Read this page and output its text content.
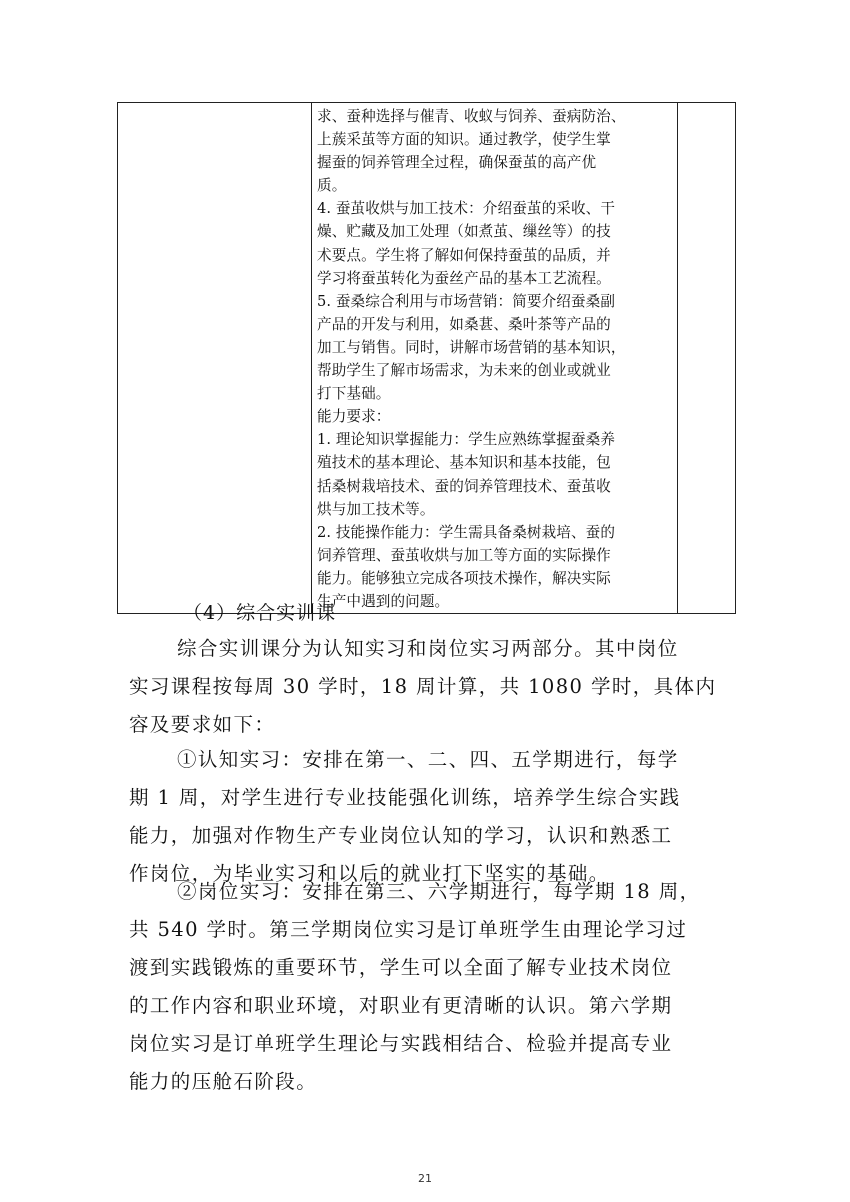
求、蚕种选择与催青、收蚁与饲养、蚕病防治、
上蔟采茧等方面的知识。通过教学，使学生掌
握蚕的饲养管理全过程，确保蚕茧的高产优
质。
4. 蚕茧收烘与加工技术：介绍蚕茧的采收、干
燥、贮藏及加工处理（如煮茧、缫丝等）的技
术要点。学生将了解如何保持蚕茧的品质，并
学习将蚕茧转化为蚕丝产品的基本工艺流程。
5. 蚕桑综合利用与市场营销：简要介绍蚕桑副
产品的开发与利用，如桑葚、桑叶茶等产品的
加工与销售。同时，讲解市场营销的基本知识，
帮助学生了解市场需求，为未来的创业或就业
打下基础。
能力要求：
1. 理论知识掌握能力：学生应熟练掌握蚕桑养
殖技术的基本理论、基本知识和基本技能，包
括桑树栽培技术、蚕的饲养管理技术、蚕茧收
烘与加工技术等。
2. 技能操作能力：学生需具备桑树栽培、蚕的
饲养管理、蚕茧收烘与加工等方面的实际操作
能力。能够独立完成各项技术操作，解决实际
生产中遇到的问题。

（4）综合实训课
综合实训课分为认知实习和岗位实习两部分。其中岗位
实习课程按每周 30 学时，18 周计算，共 1080 学时，具体内
容及要求如下：
①认知实习：安排在第一、二、四、五学期进行，每学
期 1 周，对学生进行专业技能强化训练，培养学生综合实践
能力，加强对作物生产专业岗位认知的学习，认识和熟悉工
作岗位，为毕业实习和以后的就业打下坚实的基础。
②岗位实习：安排在第三、六学期进行，每学期 18 周，
共 540 学时。第三学期岗位实习是订单班学生由理论学习过
渡到实践锻炼的重要环节，学生可以全面了解专业技术岗位
的工作内容和职业环境，对职业有更清晰的认识。第六学期
岗位实习是订单班学生理论与实践相结合、检验并提高专业
能力的压舱石阶段。
21
